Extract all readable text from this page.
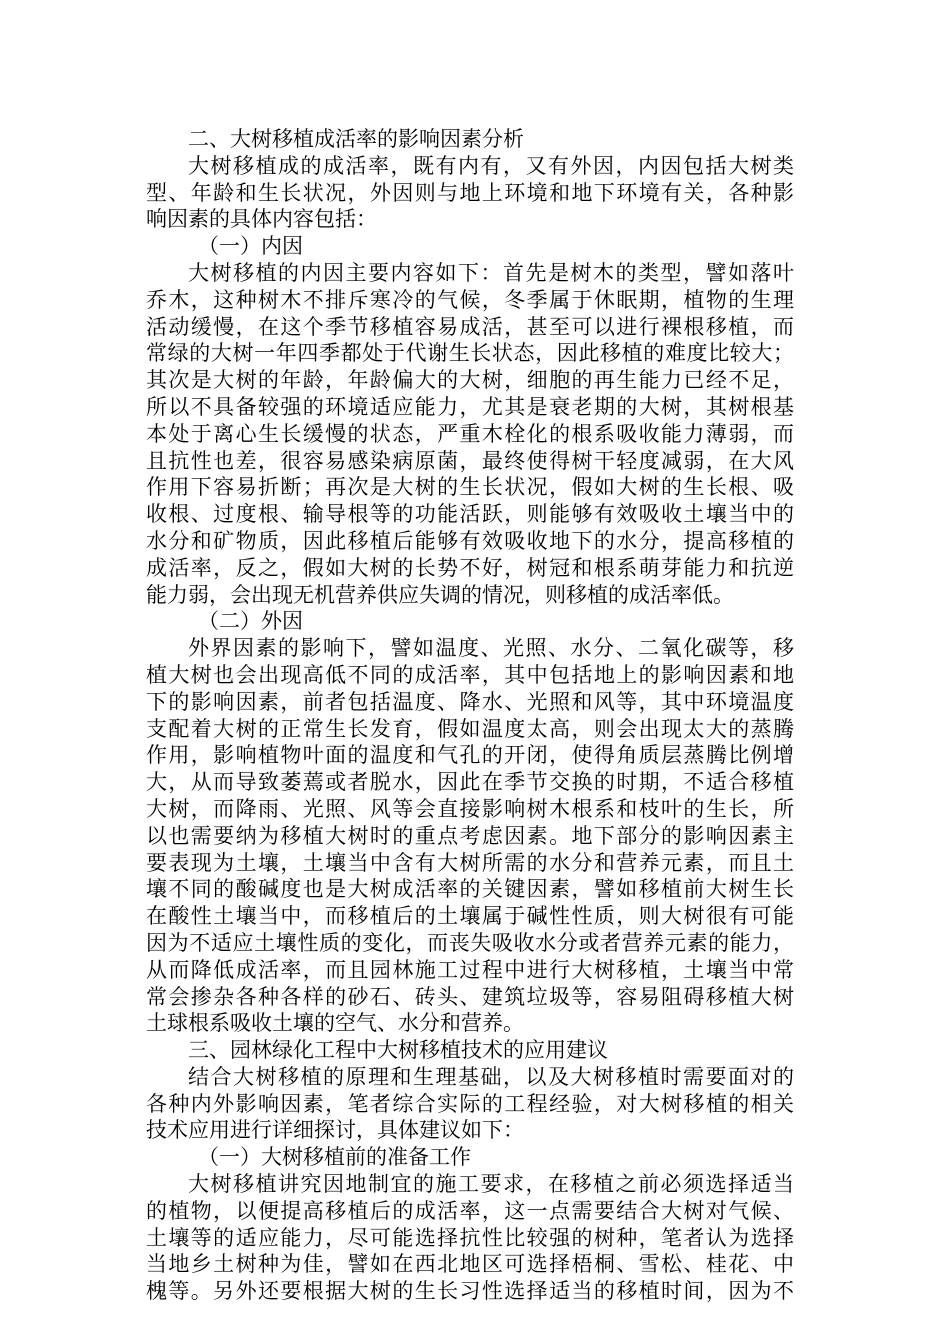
二、大树移植成活率的影响因素分析
大树移植成的成活率，既有内有，又有外因，内因包括大树类
型、年龄和生长状况，外因则与地上环境和地下环境有关，各种影
响因素的具体内容包括：
（一）内因
大树移植的内因主要内容如下：首先是树木的类型，譬如落叶
乔木，这种树木不排斥寒冷的气候，冬季属于休眠期，植物的生理
活动缓慢，在这个季节移植容易成活，甚至可以进行裸根移植，而
常绿的大树一年四季都处于代谢生长状态，因此移植的难度比较大；
其次是大树的年龄，年龄偏大的大树，细胞的再生能力已经不足，
所以不具备较强的环境适应能力，尤其是衰老期的大树，其树根基
本处于离心生长缓慢的状态，严重木栓化的根系吸收能力薄弱，而
且抗性也差，很容易感染病原菌，最终使得树干轻度减弱，在大风
作用下容易折断；再次是大树的生长状况，假如大树的生长根、吸
收根、过度根、输导根等的功能活跃，则能够有效吸收土壤当中的
水分和矿物质，因此移植后能够有效吸收地下的水分，提高移植的
成活率，反之，假如大树的长势不好，树冠和根系萌芽能力和抗逆
能力弱，会出现无机营养供应失调的情况，则移植的成活率低。
（二）外因
外界因素的影响下，譬如温度、光照、水分、二氧化碳等，移
植大树也会出现高低不同的成活率，其中包括地上的影响因素和地
下的影响因素，前者包括温度、降水、光照和风等，其中环境温度
支配着大树的正常生长发育，假如温度太高，则会出现太大的蒸腾
作用，影响植物叶面的温度和气孔的开闭，使得角质层蒸腾比例增
大，从而导致萎蔫或者脱水，因此在季节交换的时期，不适合移植
大树，而降雨、光照、风等会直接影响树木根系和枝叶的生长，所
以也需要纳为移植大树时的重点考虑因素。地下部分的影响因素主
要表现为土壤，土壤当中含有大树所需的水分和营养元素，而且土
壤不同的酸碱度也是大树成活率的关键因素，譬如移植前大树生长
在酸性土壤当中，而移植后的土壤属于碱性性质，则大树很有可能
因为不适应土壤性质的变化，而丧失吸收水分或者营养元素的能力，
从而降低成活率，而且园林施工过程中进行大树移植，土壤当中常
常会掺杂各种各样的砂石、砖头、建筑垃圾等，容易阻碍移植大树
土球根系吸收土壤的空气、水分和营养。
三、园林绿化工程中大树移植技术的应用建议
结合大树移植的原理和生理基础，以及大树移植时需要面对的
各种内外影响因素，笔者综合实际的工程经验，对大树移植的相关
技术应用进行详细探讨，具体建议如下：
（一）大树移植前的准备工作
大树移植讲究因地制宜的施工要求，在移植之前必须选择适当
的植物，以便提高移植后的成活率，这一点需要结合大树对气候、
土壤等的适应能力，尽可能选择抗性比较强的树种，笔者认为选择
当地乡土树种为佳，譬如在西北地区可选择梧桐、雪松、桂花、中
槐等。另外还要根据大树的生长习性选择适当的移植时间，因为不
